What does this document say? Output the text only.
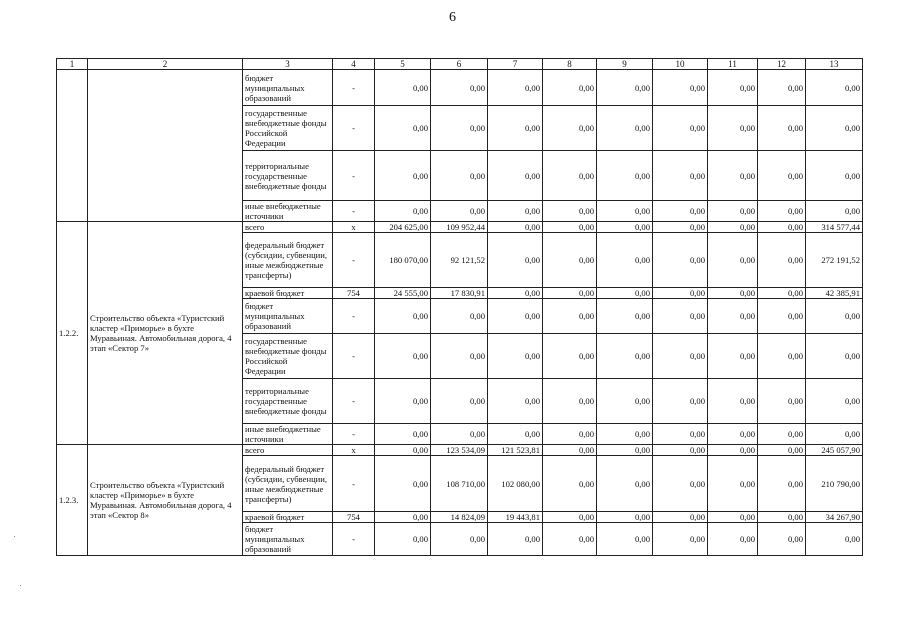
6
1	2	3	4	5	6	7	8	9	10	11	12	13
		бюджет муниципальных образований	-	0,00	0,00	0,00	0,00	0,00	0,00	0,00	0,00	0,00
		государственные внебюджетные фонды Российской Федерации	-	0,00	0,00	0,00	0,00	0,00	0,00	0,00	0,00	0,00
		территориальные государственные внебюджетные фонды	-	0,00	0,00	0,00	0,00	0,00	0,00	0,00	0,00	0,00
		иные внебюджетные источники	-	0,00	0,00	0,00	0,00	0,00	0,00	0,00	0,00	0,00
1.2.2.	Строительство объекта «Туристский кластер «Приморье» в бухте Муравьиная. Автомобильная дорога, 4 этап «Сектор 7»	всего	x	204 625,00	109 952,44	0,00	0,00	0,00	0,00	0,00	0,00	314 577,44
		федеральный бюджет (субсидии, субвенции, иные межбюджетные трансферты)	-	180 070,00	92 121,52	0,00	0,00	0,00	0,00	0,00	0,00	272 191,52
		краевой бюджет	754	24 555,00	17 830,91	0,00	0,00	0,00	0,00	0,00	0,00	42 385,91
		бюджет муниципальных образований	-	0,00	0,00	0,00	0,00	0,00	0,00	0,00	0,00	0,00
		государственные внебюджетные фонды Российской Федерации	-	0,00	0,00	0,00	0,00	0,00	0,00	0,00	0,00	0,00
		территориальные государственные внебюджетные фонды	-	0,00	0,00	0,00	0,00	0,00	0,00	0,00	0,00	0,00
		иные внебюджетные источники	-	0,00	0,00	0,00	0,00	0,00	0,00	0,00	0,00	0,00
1.2.3.	Строительство объекта «Туристский кластер «Приморье» в бухте Муравьиная. Автомобильная дорога, 4 этап «Сектор 8»	всего	x	0,00	123 534,09	121 523,81	0,00	0,00	0,00	0,00	0,00	245 057,90
		федеральный бюджет (субсидии, субвенции, иные межбюджетные трансферты)	-	0,00	108 710,00	102 080,00	0,00	0,00	0,00	0,00	0,00	210 790,00
		краевой бюджет	754	0,00	14 824,09	19 443,81	0,00	0,00	0,00	0,00	0,00	34 267,90
		бюджет муниципальных образований	-	0,00	0,00	0,00	0,00	0,00	0,00	0,00	0,00	0,00
